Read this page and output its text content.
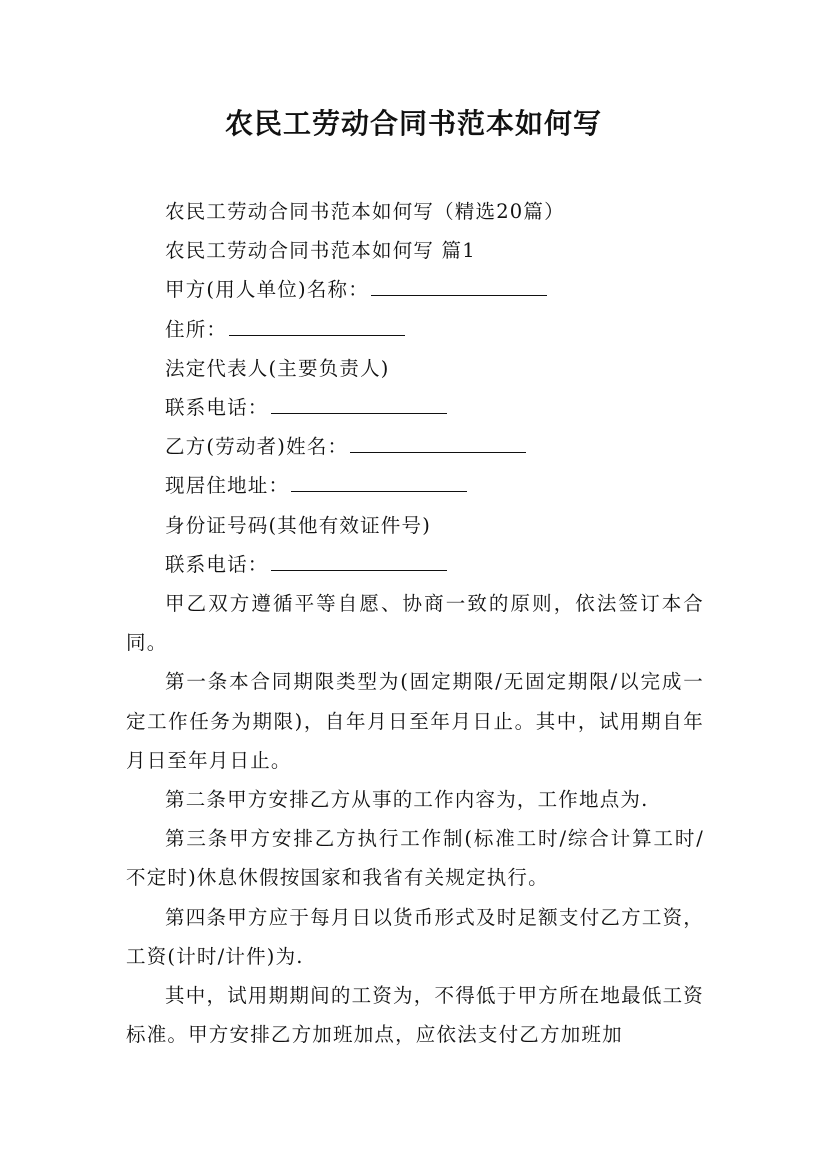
农民工劳动合同书范本如何写

农民工劳动合同书范本如何写（精选20篇）

农民工劳动合同书范本如何写 篇1

甲方(用人单位)名称：

住所：

法定代表人(主要负责人)

联系电话：

乙方(劳动者)姓名：

现居住地址：

身份证号码(其他有效证件号)

联系电话：

甲乙双方遵循平等自愿、协商一致的原则，依法签订本合同。

第一条本合同期限类型为(固定期限/无固定期限/以完成一定工作任务为期限)，自年月日至年月日止。其中，试用期自年月日至年月日止。

第二条甲方安排乙方从事的工作内容为，工作地点为.

第三条甲方安排乙方执行工作制(标准工时/综合计算工时/不定时)休息休假按国家和我省有关规定执行。

第四条甲方应于每月日以货币形式及时足额支付乙方工资，工资(计时/计件)为.

其中，试用期期间的工资为，不得低于甲方所在地最低工资标准。甲方安排乙方加班加点，应依法支付乙方加班加
